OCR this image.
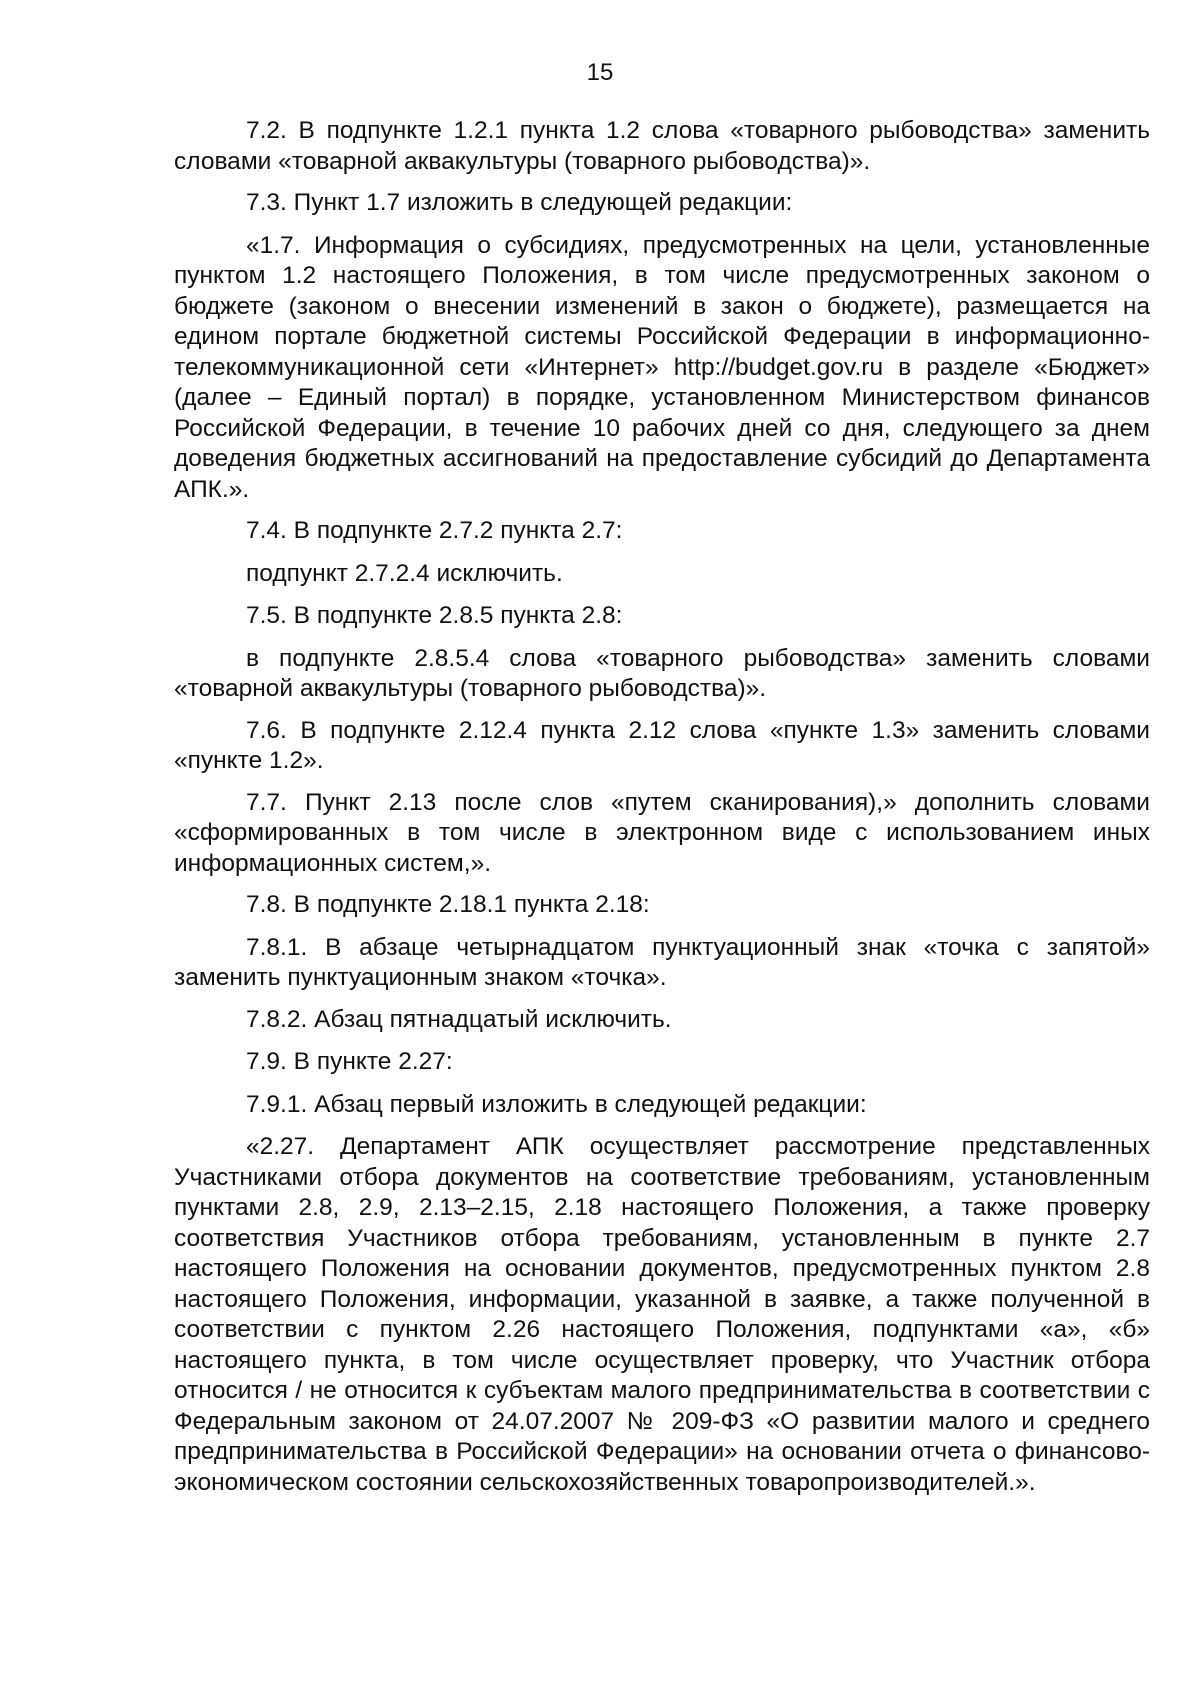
15

7.2. В подпункте 1.2.1 пункта 1.2 слова «товарного рыбоводства» заменить словами «товарной аквакультуры (товарного рыбоводства)».

7.3. Пункт 1.7 изложить в следующей редакции:

«1.7. Информация о субсидиях, предусмотренных на цели, установленные пунктом 1.2 настоящего Положения, в том числе предусмотренных законом о бюджете (законом о внесении изменений в закон о бюджете), размещается на едином портале бюджетной системы Российской Федерации в информационно-телекоммуникационной сети «Интернет» http://budget.gov.ru в разделе «Бюджет» (далее – Единый портал) в порядке, установленном Министерством финансов Российской Федерации, в течение 10 рабочих дней со дня, следующего за днем доведения бюджетных ассигнований на предоставление субсидий до Департамента АПК.».

7.4. В подпункте 2.7.2 пункта 2.7:

подпункт 2.7.2.4 исключить.

7.5. В подпункте 2.8.5 пункта 2.8:

в подпункте 2.8.5.4 слова «товарного рыбоводства» заменить словами «товарной аквакультуры (товарного рыбоводства)».

7.6. В подпункте 2.12.4 пункта 2.12 слова «пункте 1.3» заменить словами «пункте 1.2».

7.7. Пункт 2.13 после слов «путем сканирования),» дополнить словами «сформированных в том числе в электронном виде с использованием иных информационных систем,».

7.8. В подпункте 2.18.1 пункта 2.18:

7.8.1. В абзаце четырнадцатом пунктуационный знак «точка с запятой» заменить пунктуационным знаком «точка».

7.8.2. Абзац пятнадцатый исключить.

7.9. В пункте 2.27:

7.9.1. Абзац первый изложить в следующей редакции:

«2.27. Департамент АПК осуществляет рассмотрение представленных Участниками отбора документов на соответствие требованиям, установленным пунктами 2.8, 2.9, 2.13–2.15, 2.18 настоящего Положения, а также проверку соответствия Участников отбора требованиям, установленным в пункте 2.7 настоящего Положения на основании документов, предусмотренных пунктом 2.8 настоящего Положения, информации, указанной в заявке, а также полученной в соответствии с пунктом 2.26 настоящего Положения, подпунктами «а», «б» настоящего пункта, в том числе осуществляет проверку, что Участник отбора относится / не относится к субъектам малого предпринимательства в соответствии с Федеральным законом от 24.07.2007 № 209-ФЗ «О развитии малого и среднего предпринимательства в Российской Федерации» на основании отчета о финансово-экономическом состоянии сельскохозяйственных товаропроизводителей.».
